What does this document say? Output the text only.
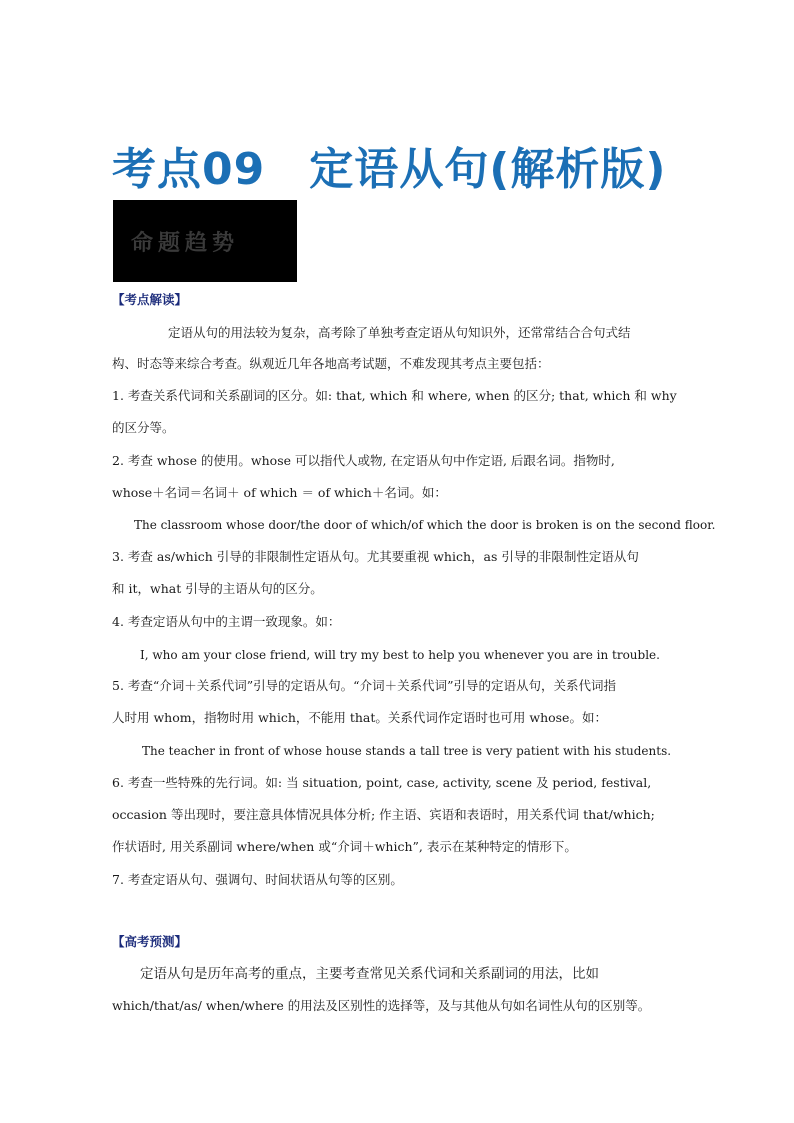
考点09 定语从句(解析版)
命题趋势
【考点解读】
定语从句的用法较为复杂，高考除了单独考查定语从句知识外，还常常结合合句式结
构、时态等来综合考查。纵观近几年各地高考试题，不难发现其考点主要包括：
1. 考查关系代词和关系副词的区分。如: that, which 和 where, when 的区分; that, which 和 why
的区分等。
2. 考查 whose 的使用。whose 可以指代人或物, 在定语从句中作定语, 后跟名词。指物时,
whose＋名词＝名词＋ of which ＝ of which＋名词。如：
The classroom whose door/the door of which/of which the door is broken is on the second floor.
3. 考查 as/which 引导的非限制性定语从句。尤其要重视 which，as 引导的非限制性定语从句
和 it，what 引导的主语从句的区分。
4. 考查定语从句中的主谓一致现象。如：
I, who am your close friend, will try my best to help you whenever you are in trouble.
5. 考查“介词＋关系代词”引导的定语从句。“介词＋关系代词”引导的定语从句，关系代词指
人时用 whom，指物时用 which，不能用 that。关系代词作定语时也可用 whose。如：
The teacher in front of whose house stands a tall tree is very patient with his students.
6. 考查一些特殊的先行词。如: 当 situation, point, case, activity, scene 及 period, festival,
occasion 等出现时，要注意具体情况具体分析; 作主语、宾语和表语时，用关系代词 that/which;
作状语时, 用关系副词 where/when 或“介词＋which”, 表示在某种特定的情形下。
7. 考查定语从句、强调句、时间状语从句等的区别。
【高考预测】
定语从句是历年高考的重点，主要考查常见关系代词和关系副词的用法，比如
which/that/as/ when/where 的用法及区别性的选择等，及与其他从句如名词性从句的区别等。
